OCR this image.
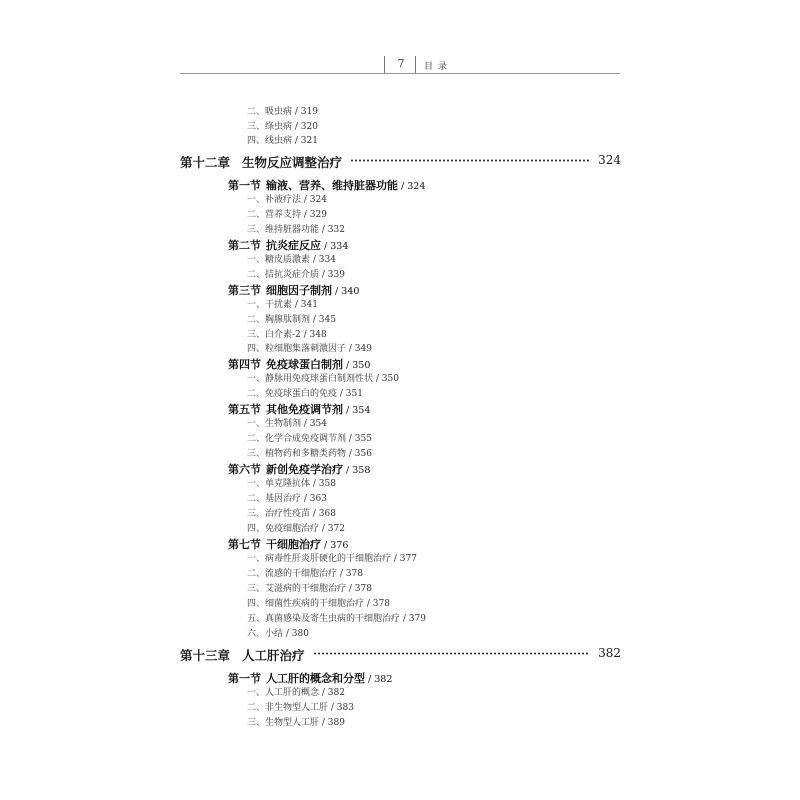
7	目录
二、吸虫病 / 319
三、绦虫病 / 320
四、线虫病 / 321
第十二章 生物反应调整治疗	324
第一节 输液、营养、维持脏器功能 / 324
一、补液疗法 / 324
二、营养支持 / 329
三、维持脏器功能 / 332
第二节 抗炎症反应 / 334
一、糖皮质激素 / 334
二、拮抗炎症介质 / 339
第三节 细胞因子制剂 / 340
一、干扰素 / 341
二、胸腺肽制剂 / 345
三、白介素-2 / 348
四、粒细胞集落刺激因子 / 349
第四节 免疫球蛋白制剂 / 350
一、静脉用免疫球蛋白制剂性状 / 350
二、免疫球蛋白的免疫 / 351
第五节 其他免疫调节剂 / 354
一、生物制剂 / 354
二、化学合成免疫调节剂 / 355
三、植物药和多糖类药物 / 356
第六节 新创免疫学治疗 / 358
一、单克隆抗体 / 358
二、基因治疗 / 363
三、治疗性疫苗 / 368
四、免疫细胞治疗 / 372
第七节 干细胞治疗 / 376
一、病毒性肝炎肝硬化的干细胞治疗 / 377
二、流感的干细胞治疗 / 378
三、艾滋病的干细胞治疗 / 378
四、细菌性疾病的干细胞治疗 / 378
五、真菌感染及寄生虫病的干细胞治疗 / 379
六、小结 / 380
第十三章 人工肝治疗	382
第一节 人工肝的概念和分型 / 382
一、人工肝的概念 / 382
二、非生物型人工肝 / 383
三、生物型人工肝 / 389
